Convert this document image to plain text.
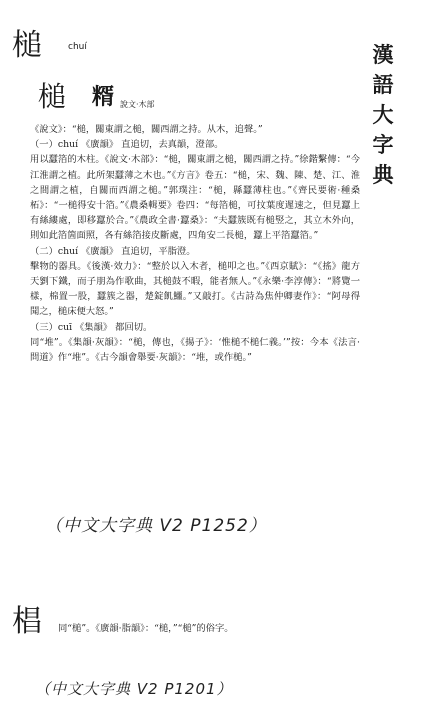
槌	chuí
槌 糈 說文·木部
漢
語
大
字
典

《說文》：“槌，關東謂之槌，關西謂之持。从木，追聲。”

（一）chuí 《廣韻》 直追切，去真韻，澄部。

用以蠶箔的木柱。《說文·木部》：“槌，關東謂之槌，關西謂之持。”徐鍇繫傳：“今江淮謂之植。此所架蠶薄之木也。”《方言》卷五：“槌，宋、魏、陳、楚、江、淮之間謂之植，自關而西謂之槌。”郭璞注：“槌，縣蠶薄柱也。”《齊民要術·種桑柘》：“一槌得安十箔。”《農桑輯要》卷四：“每箔槌，可抆葉度遲速之，但見蠶上有絲縷處，即移蠶於合。”《農政全書·蠶桑》：“夫蠶簇既有槌竪之，其立木外向，則如此箔箇面照，各有絲箔接皮斷處，四角安二長槌，蠶上平箔蠶箔。”

（二）chuí 《廣韻》 直追切，平脂澄。

擊物的器具。《後漢·效力》：“整於以入木者，槌叩之也。”《西京賦》：“《搖》龍方天劉下鐵，而子朋為作歌曲，其槌鼓不暇，能者無人。”《永樂·李淳傳》：“將覽一樣，棉置一股，蠶簇之器，楚錠飢鱷。”又敲打。《古詩為焦仲卿妻作》：“阿母得聞之，槌床便大怒。”

（三）cuī 《集韻》 都回切。

同“堆”。《集韻·灰韻》：“槌，傳也，《揚子》：‘惟槌不槌仁義。’”按：今本《法言·問道》作“堆”。《古今韻會舉要·灰韻》：“堆，或作槌。”

（中文大字典 V2 P1252）
椙 同“槌”。《廣韻·脂韻》：“槌，”“槌”的俗字。
（中文大字典 V2 P1201）
